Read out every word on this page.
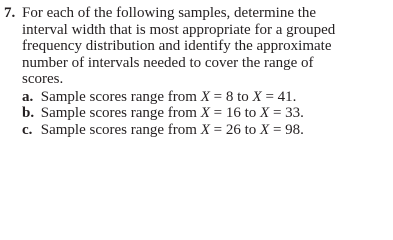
7. For each of the following samples, determine the
interval width that is most appropriate for a grouped
frequency distribution and identify the approximate
number of intervals needed to cover the range of
scores.
a. Sample scores range from X = 8 to X = 41.
b. Sample scores range from X = 16 to X = 33.
c. Sample scores range from X = 26 to X = 98.
